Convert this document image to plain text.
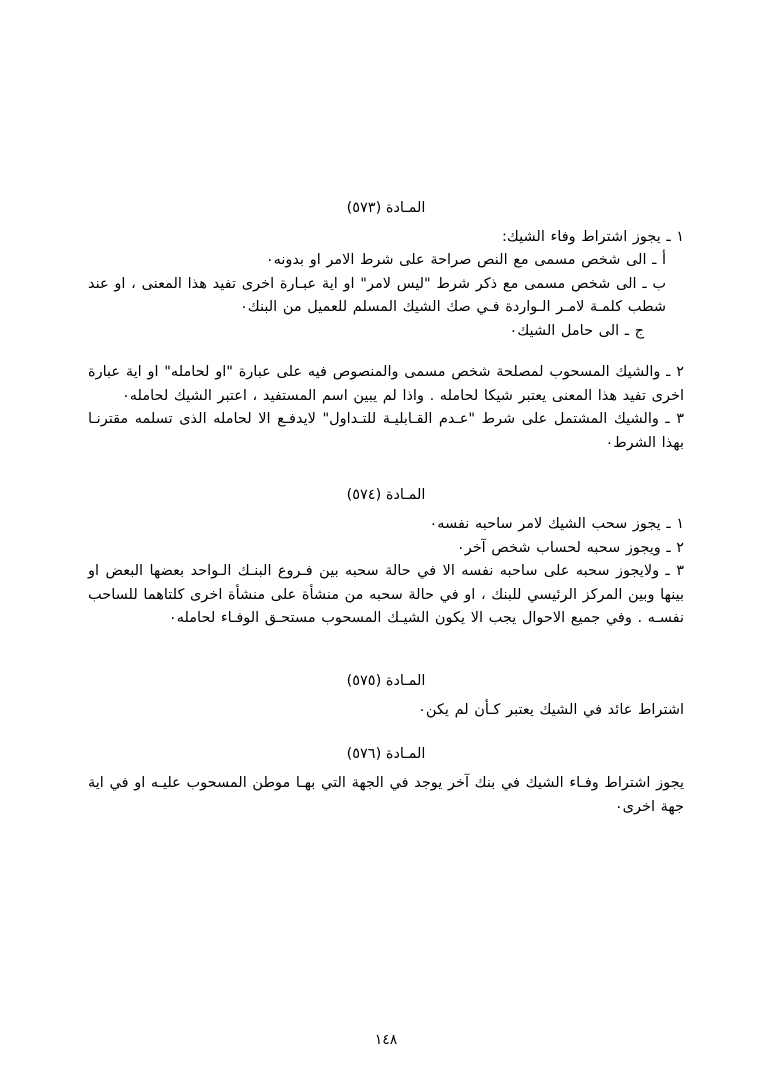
المـادة (٥٧٣)

١ ـ يجوز اشتراط وفاء الشيك:

أ ـ الى شخص مسمى مع النص صراحة على شرط الامر او بدونه٠

ب ـ الى شخص مسمى مع ذكر شرط "ليس لامر" او اية عبـارة اخرى تفيد هذا المعنى ، او عند شطب كلمـة لامـر الـواردة فـي صك الشيك المسلم للعميل من البنك٠

ج ـ الى حامل الشيك٠

٢ ـ والشيك المسحوب لمصلحة شخص مسمى والمنصوص فيه على عبارة "او لحامله" او اية عبارة اخرى تفيد هذا المعنى يعتبر شيكا لحامله . واذا لم يبين اسم المستفيد ، اعتبر الشيك لحامله٠

٣ ـ والشيك المشتمل على شرط "عـدم القـابليـة للتـداول" لايدفـع الا لحامله الذى تسلمه مقترنـا بهذا الشرط٠

المـادة (٥٧٤)

١ ـ يجوز سحب الشيك لامر ساحبه نفسه٠

٢ ـ ويجوز سحبه لحساب شخص آخر٠

٣ ـ ولايجوز سحبه على ساحبه نفسه الا في حالة سحبه بين فـروع البنـك الـواحد بعضها البعض او بينها وبين المركز الرئيسي للبنك ، او في حالة سحبه من منشأة على منشأة اخرى كلتاهما للساحب نفسـه . وفي جميع الاحوال يجب الا يكون الشيـك المسحوب مستحـق الوفـاء لحامله٠

المـادة (٥٧٥)

اشتراط عائد في الشيك يعتبر كـأن لم يكن٠

المـادة (٥٧٦)

يجوز اشتراط وفـاء الشيك في بنك آخر يوجد في الجهة التي بهـا موطن المسحوب عليـه او في اية جهة اخرى٠

١٤٨
